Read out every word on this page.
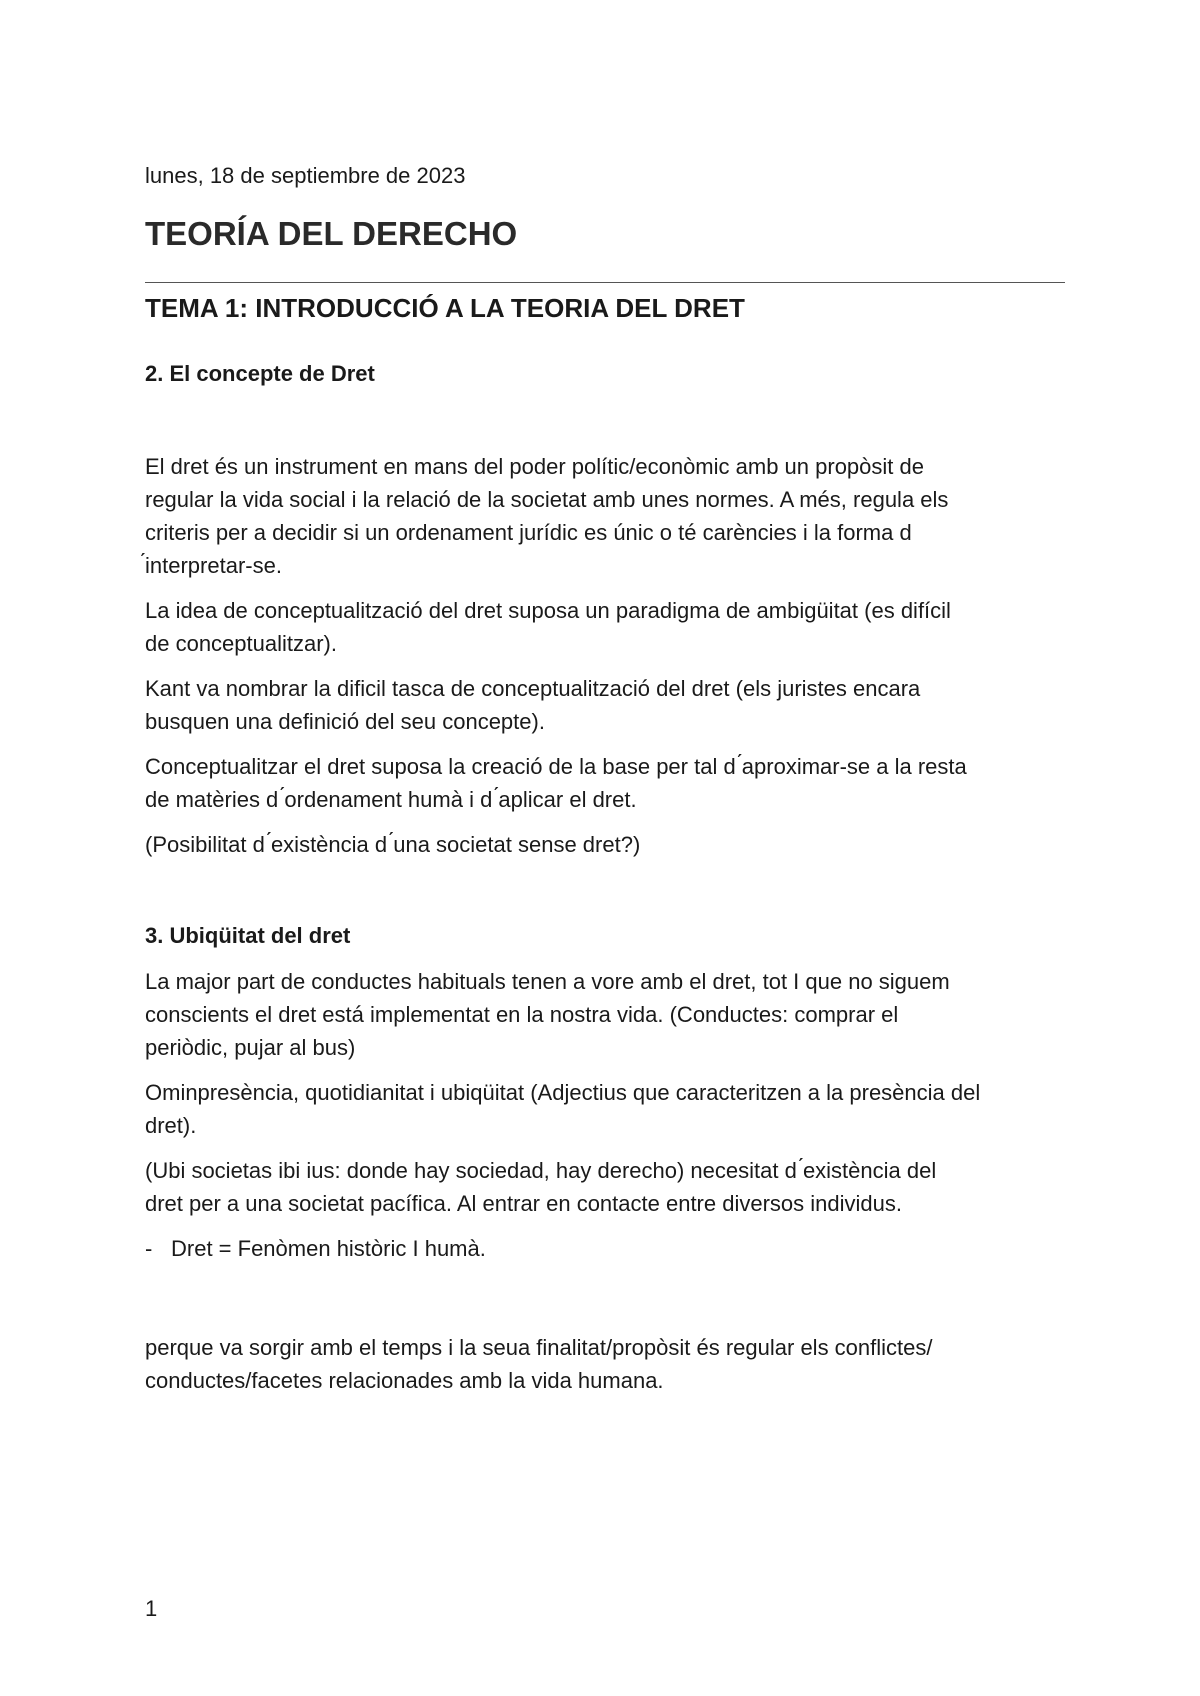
lunes, 18 de septiembre de 2023

TEORÍA DEL DERECHO
TEMA 1: INTRODUCCIÓ A LA TEORIA DEL DRET
2. El concepte de Dret

El dret és un instrument en mans del poder polític/econòmic amb un propòsit de regular la vida social i la relació de la societat amb unes normes. A més, regula els criteris per a decidir si un ordenament jurídic es únic o té carències i la forma d ́interpretar-se.

La idea de conceptualització del dret suposa un paradigma de ambigüitat (es difícil de conceptualitzar).

Kant va nombrar la dificil tasca de conceptualització del dret (els juristes encara busquen una definició del seu concepte).

Conceptualitzar el dret suposa la creació de la base per tal d ́aproximar-se a la resta de matèries d ́ordenament humà i d ́aplicar el dret.

(Posibilitat d ́existència d ́una societat sense dret?)

3. Ubiqüitat del dret

La major part de conductes habituals tenen a vore amb el dret, tot I que no siguem conscients el dret está implementat en la nostra vida. (Conductes: comprar el periòdic, pujar al bus)

Ominpresència, quotidianitat i ubiqüitat (Adjectius que caracteritzen a la presència del dret).

(Ubi societas ibi ius: donde hay sociedad, hay derecho) necesitat d ́existència del dret per a una societat pacífica. Al entrar en contacte entre diversos individus.

- Dret = Fenòmen històric I humà.

perque va sorgir amb el temps i la seua finalitat/propòsit és regular els conflictes/ conductes/facetes relacionades amb la vida humana.

1
